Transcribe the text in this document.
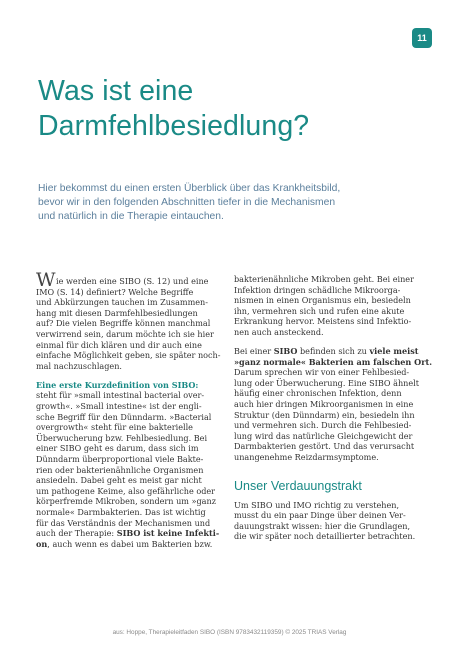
11
Was ist eine
Darmfehlbesiedlung?
Hier bekommst du einen ersten Überblick über das Krankheitsbild,
bevor wir in den folgenden Abschnitten tiefer in die Mechanismen
und natürlich in die Therapie eintauchen.

Wie werden eine SIBO (S. 12) und eine
IMO (S. 14) definiert? Welche Begriffe
und Abkürzungen tauchen im Zusammen-
hang mit diesen Darmfehlbesiedlungen
auf? Die vielen Begriffe können manchmal
verwirrend sein, darum möchte ich sie hier
einmal für dich klären und dir auch eine
einfache Möglichkeit geben, sie später noch-
mal nachzuschlagen.

Eine erste Kurzdefinition von SIBO:
steht für »small intestinal bacterial over-
growth«. »Small intestine« ist der engli-
sche Begriff für den Dünndarm. »Bacterial
overgrowth« steht für eine bakterielle
Überwucherung bzw. Fehlbesiedlung. Bei
einer SIBO geht es darum, dass sich im
Dünndarm überproportional viele Bakte-
rien oder bakterienähnliche Organismen
ansiedeln. Dabei geht es meist gar nicht
um pathogene Keime, also gefährliche oder
körperfremde Mikroben, sondern um »ganz
normale« Darmbakterien. Das ist wichtig
für das Verständnis der Mechanismen und
auch der Therapie: SIBO ist keine Infekti-
on, auch wenn es dabei um Bakterien bzw.

bakterienähnliche Mikroben geht. Bei einer
Infektion dringen schädliche Mikroorga-
nismen in einen Organismus ein, besiedeln
ihn, vermehren sich und rufen eine akute
Erkrankung hervor. Meistens sind Infektio-
nen auch ansteckend.

Bei einer SIBO befinden sich zu viele meist
»ganz normale« Bakterien am falschen Ort.
Darum sprechen wir von einer Fehlbesied-
lung oder Überwucherung. Eine SIBO ähnelt
häufig einer chronischen Infektion, denn
auch hier dringen Mikroorganismen in eine
Struktur (den Dünndarm) ein, besiedeln ihn
und vermehren sich. Durch die Fehlbesied-
lung wird das natürliche Gleichgewicht der
Darmbakterien gestört. Und das verursacht
unangenehme Reizdarmsymptome.

Unser Verdauungstrakt

Um SIBO und IMO richtig zu verstehen,
musst du ein paar Dinge über deinen Ver-
dauungstrakt wissen: hier die Grundlagen,
die wir später noch detaillierter betrachten.

aus: Hoppe, Therapieleitfaden SIBO (ISBN 9783432119359) © 2025 TRIAS Verlag
